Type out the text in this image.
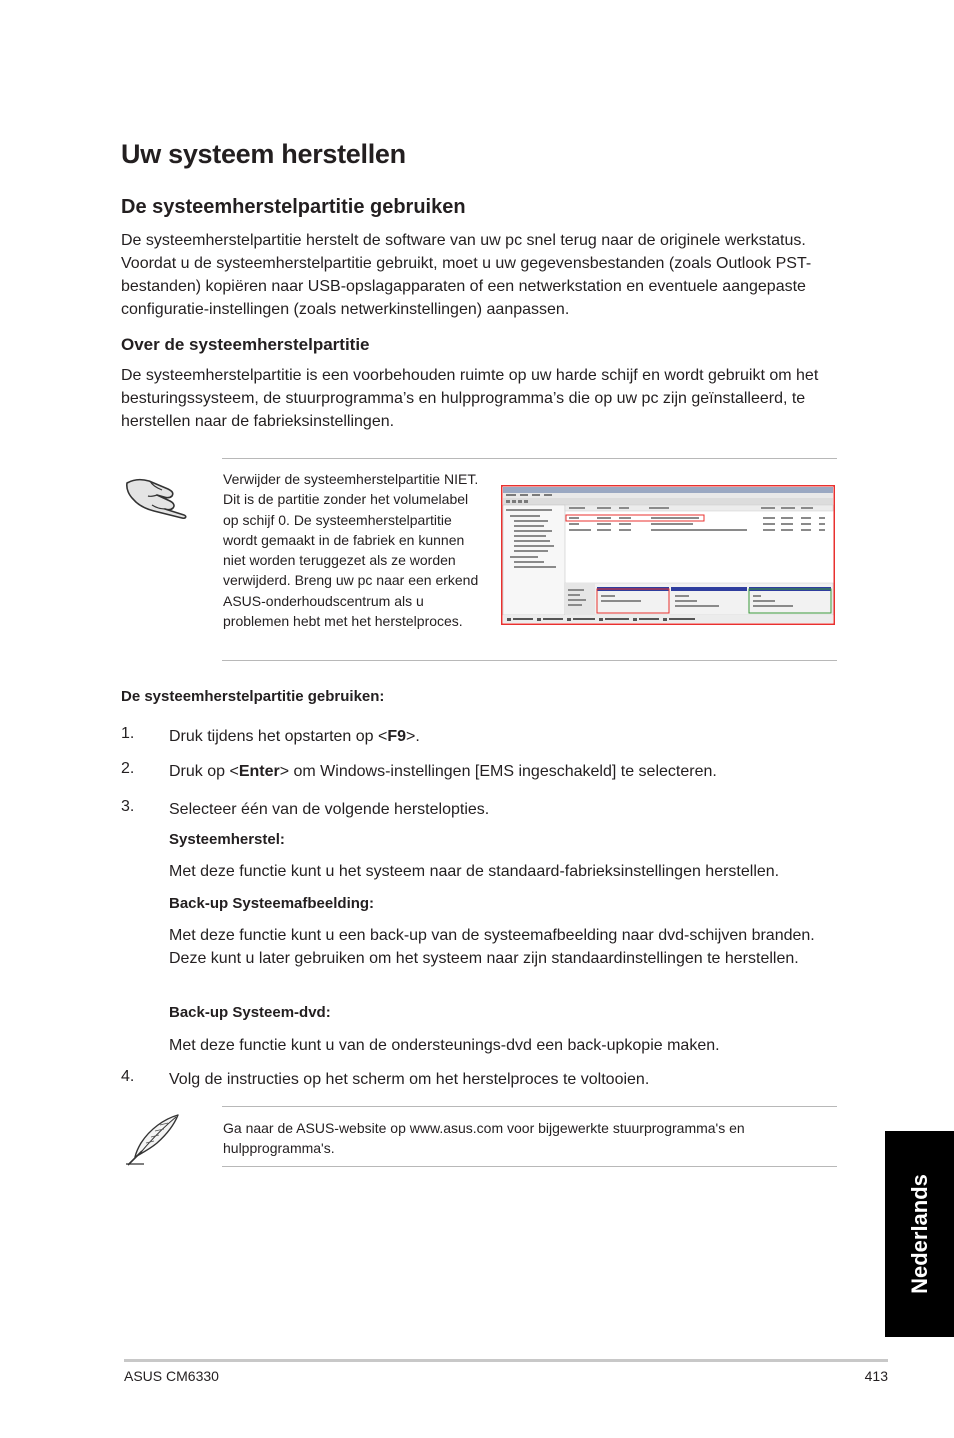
Uw systeem herstellen
De systeemherstelpartitie gebruiken

De systeemherstelpartitie herstelt de software van uw pc snel terug naar de originele werkstatus. Voordat u de systeemherstelpartitie gebruikt, moet u uw gegevensbestanden (zoals Outlook PST-bestanden) kopiëren naar USB-opslagapparaten of een netwerkstation en eventuele aangepaste configuratie-instellingen (zoals netwerkinstellingen) aanpassen.

Over de systeemherstelpartitie

De systeemherstelpartitie is een voorbehouden ruimte op uw harde schijf en wordt gebruikt om het besturingssysteem, de stuurprogramma’s en hulpprogramma’s die op uw pc zijn geïnstalleerd, te herstellen naar de fabrieksinstellingen.

Verwijder de systeemherstelpartitie NIET. Dit is de partitie zonder het volumelabel op schijf 0. De systeemherstelpartitie wordt gemaakt in de fabriek en kunnen niet worden teruggezet als ze worden verwijderd. Breng uw pc naar een erkend ASUS-onderhoudscentrum als u problemen hebt met het herstelproces.
De systeemherstelpartitie gebruiken:
1. Druk tijdens het opstarten op <F9>.
2. Druk op <Enter> om Windows-instellingen [EMS ingeschakeld] te selecteren.
3. Selecteer één van de volgende herstelopties.
Systeemherstel:
Met deze functie kunt u het systeem naar de standaard-fabrieksinstellingen herstellen.
Back-up Systeemafbeelding:
Met deze functie kunt u een back-up van de systeemafbeelding naar dvd-schijven branden. Deze kunt u later gebruiken om het systeem naar zijn standaardinstellingen te herstellen.
Back-up Systeem-dvd:
Met deze functie kunt u van de ondersteunings-dvd een back-upkopie maken.
4. Volg de instructies op het scherm om het herstelproces te voltooien.
Ga naar de ASUS-website op www.asus.com voor bijgewerkte stuurprogramma's en hulpprogramma's.
Nederlands
ASUS CM6330	413
